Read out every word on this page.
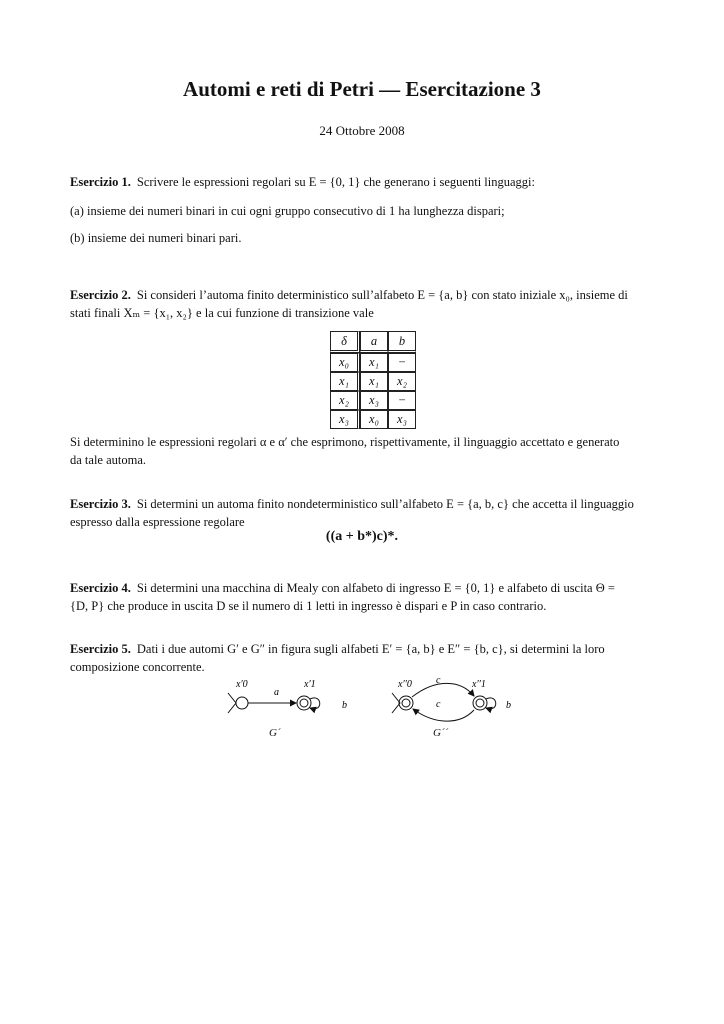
Automi e reti di Petri — Esercitazione 3
24 Ottobre 2008
Esercizio 1. Scrivere le espressioni regolari su E = {0, 1} che generano i seguenti linguaggi:
(a) insieme dei numeri binari in cui ogni gruppo consecutivo di 1 ha lunghezza dispari;
(b) insieme dei numeri binari pari.
Esercizio 2. Si consideri l’automa finito deterministico sull’alfabeto E = {a, b} con stato iniziale x₀, insieme di
stati finali Xₘ = {x₁, x₂} e la cui funzione di transizione vale
δ	a	b
x₀	x₁	−
x₁	x₁	x₂
x₂	x₃	−
x₃	x₀	x₃
Si determinino le espressioni regolari α e α′ che esprimono, rispettivamente, il linguaggio accettato e generato
da tale automa.
Esercizio 3. Si determini un automa finito nondeterministico sull’alfabeto E = {a, b, c} che accetta il linguaggio
espresso dalla espressione regolare
((a + b*)c)*.
Esercizio 4. Si determini una macchina di Mealy con alfabeto di ingresso E = {0, 1} e alfabeto di uscita Θ =
{D, P} che produce in uscita D se il numero di 1 letti in ingresso è dispari e P in caso contrario.
Esercizio 5. Dati i due automi G′ e G″ in figura sugli alfabeti E′ = {a, b} e E″ = {b, c}, si determini la loro
composizione concorrente.
x′0	x′1
a
b
x′′0	x′′1
c
c	b
G´	G´´
